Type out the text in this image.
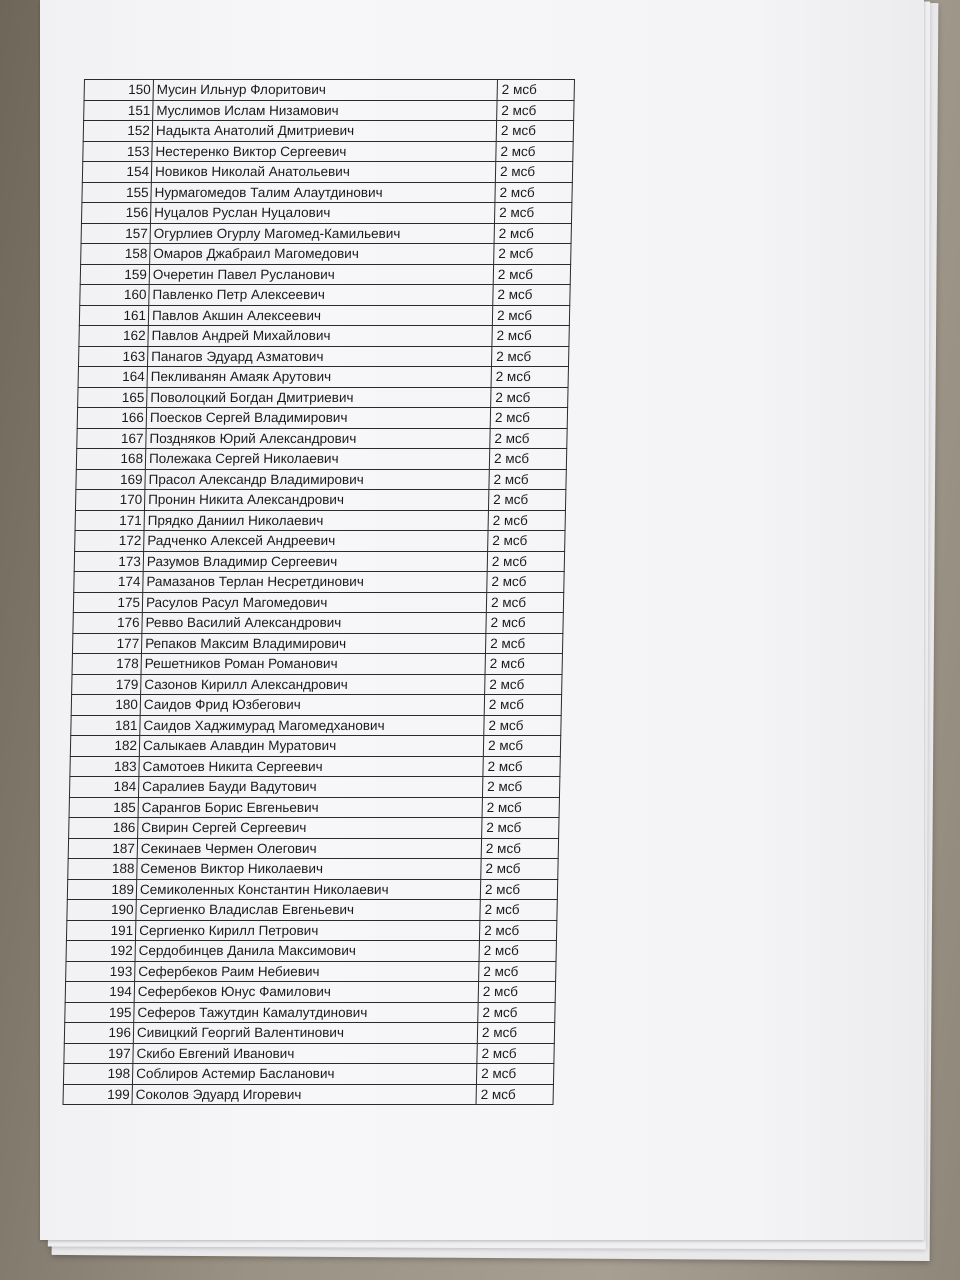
150	Мусин Ильнур Флоритович	2 мсб
151	Муслимов Ислам Низамович	2 мсб
152	Надыкта Анатолий Дмитриевич	2 мсб
153	Нестеренко Виктор Сергеевич	2 мсб
154	Новиков Николай Анатольевич	2 мсб
155	Нурмагомедов Талим Алаутдинович	2 мсб
156	Нуцалов Руслан Нуцалович	2 мсб
157	Огурлиев Огурлу Магомед-Камильевич	2 мсб
158	Омаров Джабраил Магомедович	2 мсб
159	Очеретин Павел Русланович	2 мсб
160	Павленко Петр Алексеевич	2 мсб
161	Павлов Акшин Алексеевич	2 мсб
162	Павлов Андрей Михайлович	2 мсб
163	Панагов Эдуард Азматович	2 мсб
164	Пекливанян Амаяк Арутович	2 мсб
165	Поволоцкий Богдан Дмитриевич	2 мсб
166	Поесков Сергей Владимирович	2 мсб
167	Поздняков Юрий Александрович	2 мсб
168	Полежака Сергей Николаевич	2 мсб
169	Прасол Александр Владимирович	2 мсб
170	Пронин Никита Александрович	2 мсб
171	Прядко Даниил Николаевич	2 мсб
172	Радченко Алексей Андреевич	2 мсб
173	Разумов Владимир Сергеевич	2 мсб
174	Рамазанов Терлан Несретдинович	2 мсб
175	Расулов Расул Магомедович	2 мсб
176	Ревво Василий Александрович	2 мсб
177	Репаков Максим Владимирович	2 мсб
178	Решетников Роман Романович	2 мсб
179	Сазонов Кирилл Александрович	2 мсб
180	Саидов Фрид Юзбегович	2 мсб
181	Саидов Хаджимурад Магомедханович	2 мсб
182	Салыкаев Алавдин Муратович	2 мсб
183	Самотоев Никита Сергеевич	2 мсб
184	Саралиев Бауди Вадутович	2 мсб
185	Сарангов Борис Евгеньевич	2 мсб
186	Свирин Сергей Сергеевич	2 мсб
187	Секинаев Чермен Олегович	2 мсб
188	Семенов Виктор Николаевич	2 мсб
189	Семиколенных Константин Николаевич	2 мсб
190	Сергиенко Владислав Евгеньевич	2 мсб
191	Сергиенко Кирилл Петрович	2 мсб
192	Сердобинцев Данила Максимович	2 мсб
193	Сефербеков Раим Небиевич	2 мсб
194	Сефербеков Юнус Фамилович	2 мсб
195	Сеферов Тажутдин Камалутдинович	2 мсб
196	Сивицкий Георгий Валентинович	2 мсб
197	Скибо Евгений Иванович	2 мсб
198	Соблиров Астемир Басланович	2 мсб
199	Соколов Эдуард Игоревич	2 мсб
